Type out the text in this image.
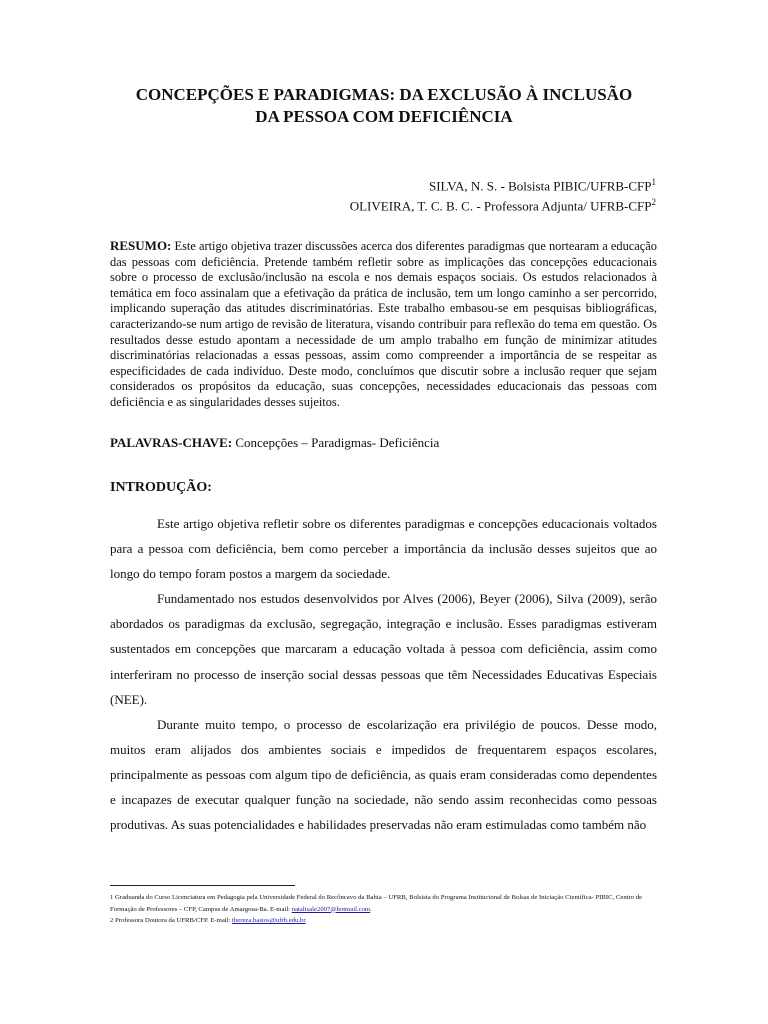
CONCEPÇÕES E PARADIGMAS: DA EXCLUSÃO À INCLUSÃO
DA PESSOA COM DEFICIÊNCIA
SILVA, N. S. - Bolsista PIBIC/UFRB-CFP$^1$
OLIVEIRA, T. C. B. C. - Professora Adjunta/ UFRB-CFP$^2$

RESUMO: Este artigo objetiva trazer discussões acerca dos diferentes paradigmas que nortearam a educação das pessoas com deficiência. Pretende também refletir sobre as implicações das concepções educacionais sobre o processo de exclusão/inclusão na escola e nos demais espaços sociais. Os estudos relacionados à temática em foco assinalam que a efetivação da prática de inclusão, tem um longo caminho a ser percorrido, implicando superação das atitudes discriminatórias. Este trabalho embasou-se em pesquisas bibliográficas, caracterizando-se num artigo de revisão de literatura, visando contribuir para reflexão do tema em questão. Os resultados desse estudo apontam a necessidade de um amplo trabalho em função de minimizar atitudes discriminatórias relacionadas a essas pessoas, assim como compreender a importância de se respeitar as especificidades de cada indivíduo. Deste modo, concluímos que discutir sobre a inclusão requer que sejam considerados os propósitos da educação, suas concepções, necessidades educacionais das pessoas com deficiência e as singularidades desses sujeitos.

PALAVRAS-CHAVE: Concepções – Paradigmas- Deficiência

INTRODUÇÃO:

Este artigo objetiva refletir sobre os diferentes paradigmas e concepções educacionais voltados para a pessoa com deficiência, bem como perceber a importância da inclusão desses sujeitos que ao longo do tempo foram postos a margem da sociedade.

Fundamentado nos estudos desenvolvidos por Alves (2006), Beyer (2006), Silva (2009), serão abordados os paradigmas da exclusão, segregação, integração e inclusão. Esses paradigmas estiveram sustentados em concepções que marcaram a educação voltada à pessoa com deficiência, assim como interferiram no processo de inserção social dessas pessoas que têm Necessidades Educativas Especiais (NEE).

Durante muito tempo, o processo de escolarização era privilégio de poucos. Desse modo, muitos eram alijados dos ambientes sociais e impedidos de frequentarem espaços escolares, principalmente as pessoas com algum tipo de deficiência, as quais eram consideradas como dependentes e incapazes de executar qualquer função na sociedade, não sendo assim reconhecidas como pessoas produtivas. As suas potencialidades e habilidades preservadas não eram estimuladas como também não

1 Graduanda do Curso Licenciatura em Pedagogia pela Universidade Federal do Recôncavo da Bahia – UFRB, Bolsista do Programa Institucional de Bolsas de Iniciação Científica- PIBIC, Centro de Formação de Professores – CFP, Campus de Amargosa-Ba. E-mail: natalisale2007@hotmail.com.

2 Professora Doutora da UFRB/CFP. E-mail: thereza.bastos@ufrb.edu.br
